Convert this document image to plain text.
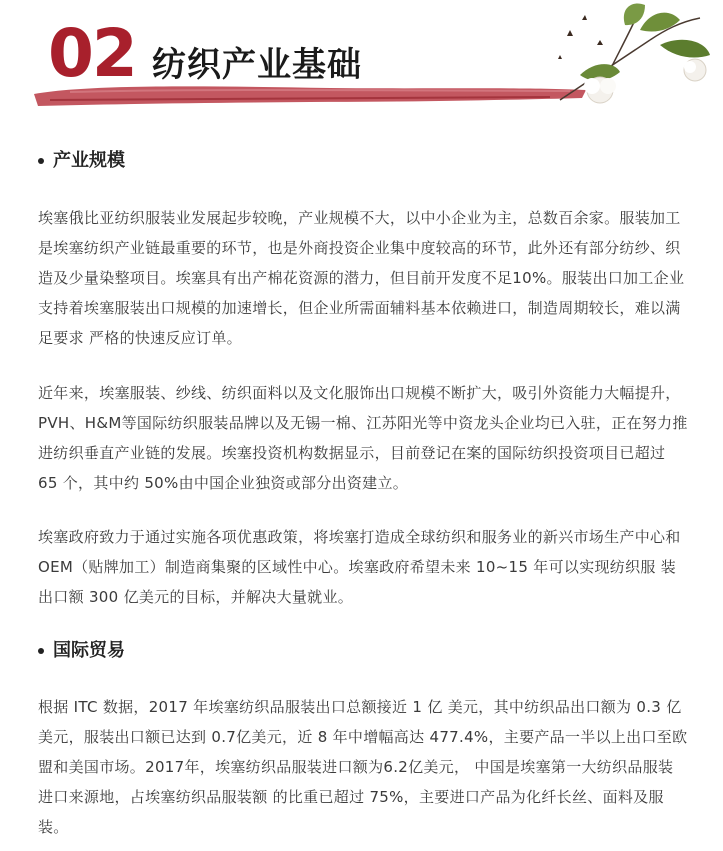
02 纺织产业基础
产业规模

埃塞俄比亚纺织服装业发展起步较晚，产业规模不大，以中小企业为主，总数百余家。服装加工是埃塞纺织产业链最重要的环节，也是外商投资企业集中度较高的环节，此外还有部分纺纱、织造及少量染整项目。埃塞具有出产棉花资源的潜力，但目前开发度不足10%。服装出口加工企业支持着埃塞服装出口规模的加速增长，但企业所需面辅料基本依赖进口，制造周期较长，难以满足要求 严格的快速反应订单。

近年来，埃塞服装、纱线、纺织面料以及文化服饰出口规模不断扩大，吸引外资能力大幅提升，PVH、H&M等国际纺织服装品牌以及无锡一棉、江苏阳光等中资龙头企业均已入驻，正在努力推进纺织垂直产业链的发展。埃塞投资机构数据显示，目前登记在案的国际纺织投资项目已超过 65 个，其中约 50%由中国企业独资或部分出资建立。

埃塞政府致力于通过实施各项优惠政策，将埃塞打造成全球纺织和服务业的新兴市场生产中心和OEM（贴牌加工）制造商集聚的区域性中心。埃塞政府希望未来 10~15 年可以实现纺织服 装出口额 300 亿美元的目标，并解决大量就业。

国际贸易

根据 ITC 数据，2017 年埃塞纺织品服装出口总额接近 1 亿 美元，其中纺织品出口额为 0.3 亿美元，服装出口额已达到 0.7亿美元，近 8 年中增幅高达 477.4%，主要产品一半以上出口至欧盟和美国市场。2017年，埃塞纺织品服装进口额为6.2亿美元， 中国是埃塞第一大纺织品服装进口来源地，占埃塞纺织品服装额 的比重已超过 75%，主要进口产品为化纤长丝、面料及服装。
